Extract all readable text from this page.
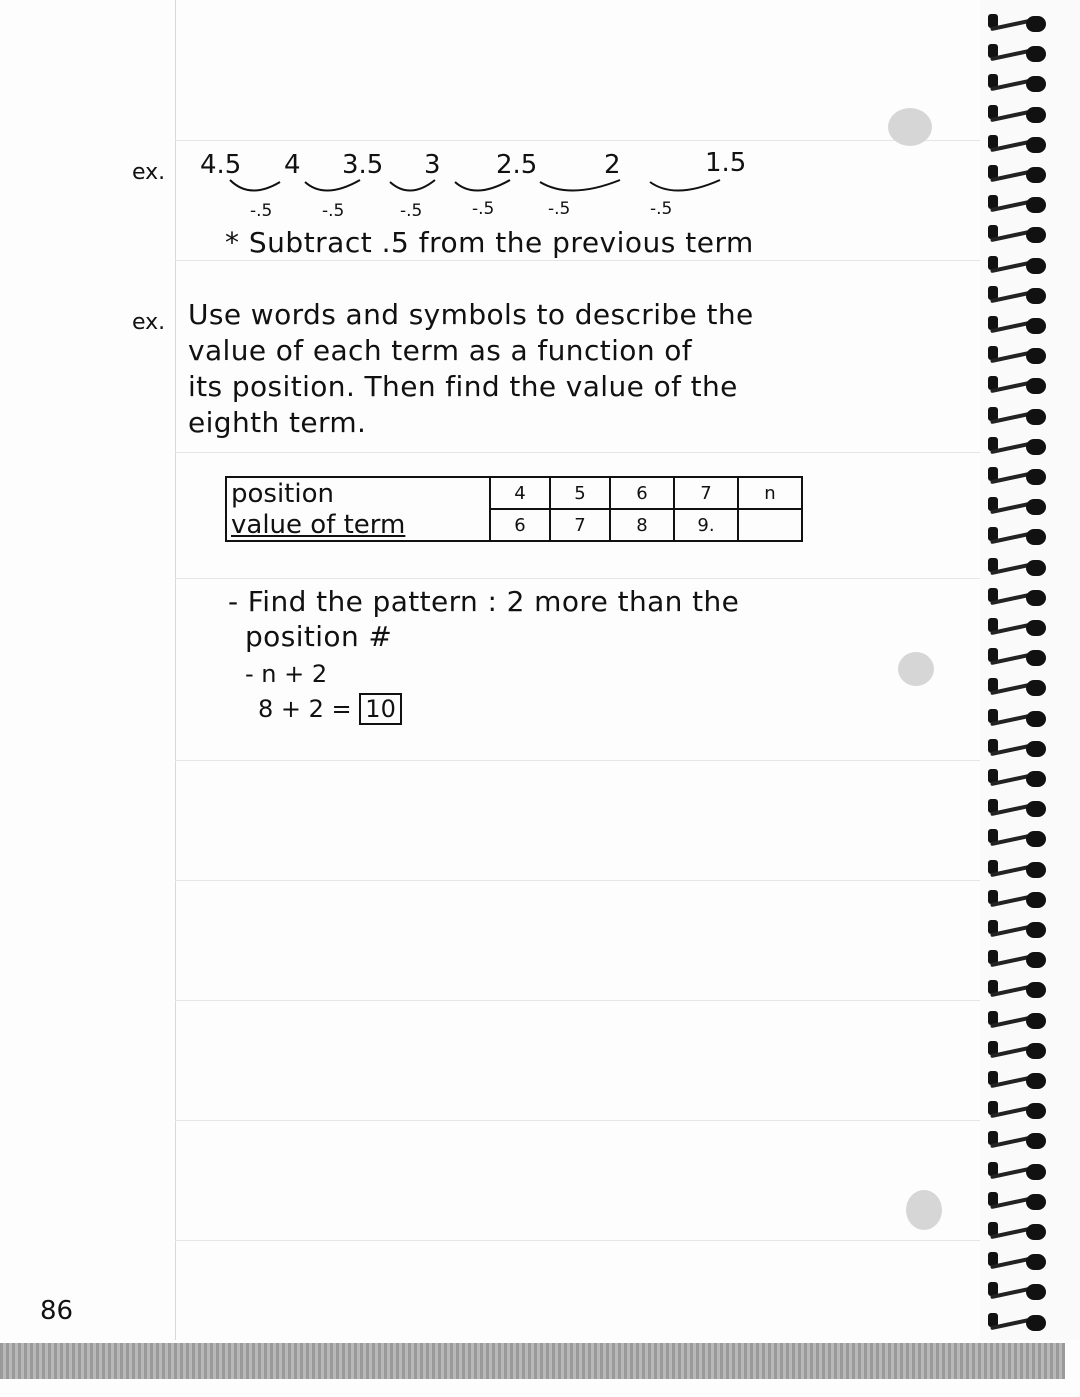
ex. 4.5 4 3.5 3 2.5	2	1.5
-.5	-.5	-.5	-.5	-.5	-.5
* Subtract .5 from the previous term
ex. Use words and symbols to describe the
value of each term as a function of
its position. Then find the value of the
eighth term.
position	4	5	6	7	n
value of term	6	7	8	9.	
- Find the pattern : 2 more than the
position #
- n + 2
8 + 2 = 10
86
